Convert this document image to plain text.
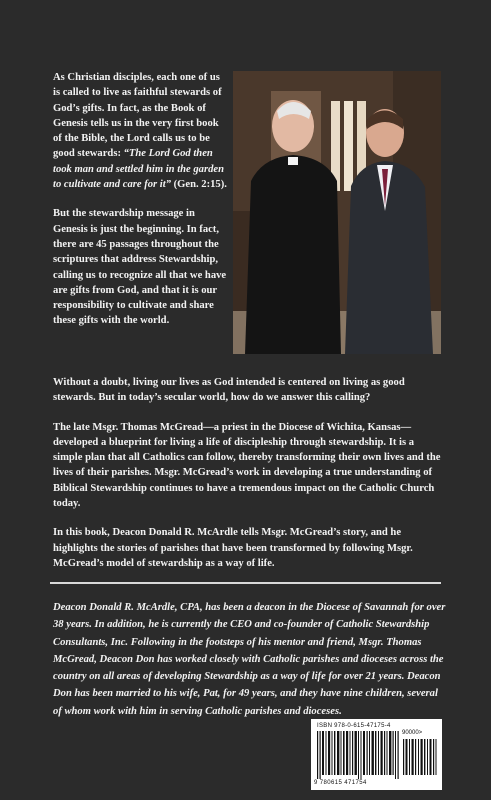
As Christian disciples, each one of us is called to live as faithful stewards of God’s gifts. In fact, as the Book of Genesis tells us in the very first book of the Bible, the Lord calls us to be good stewards: “The Lord God then took man and settled him in the garden to cultivate and care for it” (Gen. 2:15).

But the stewardship message in Genesis is just the beginning. In fact, there are 45 passages throughout the scriptures that address Stewardship, calling us to recognize all that we have are gifts from God, and that it is our responsibility to cultivate and share these gifts with the world.

Without a doubt, living our lives as God intended is centered on living as good stewards. But in today’s secular world, how do we answer this calling?

The late Msgr. Thomas McGread—a priest in the Diocese of Wichita, Kansas—developed a blueprint for living a life of discipleship through stewardship. It is a simple plan that all Catholics can follow, thereby transforming their own lives and the lives of their parishes. Msgr. McGread’s work in developing a true understanding of Biblical Stewardship continues to have a tremendous impact on the Catholic Church today.

In this book, Deacon Donald R. McArdle tells Msgr. McGread’s story, and he highlights the stories of parishes that have been transformed by following Msgr. McGread’s model of stewardship as a way of life.

Deacon Donald R. McArdle, CPA, has been a deacon in the Diocese of Savannah for over 38 years. In addition, he is currently the CEO and co-founder of Catholic Stewardship Consultants, Inc. Following in the footsteps of his mentor and friend, Msgr. Thomas McGread, Deacon Don has worked closely with Catholic parishes and dioceses across the country on all areas of developing Stewardship as a way of life for over 21 years. Deacon Don has been married to his wife, Pat, for 49 years, and they have nine children, several of whom work with him in serving Catholic parishes and dioceses.
ISBN 978-0-615-47175-4
90000>
9 780615 471754
